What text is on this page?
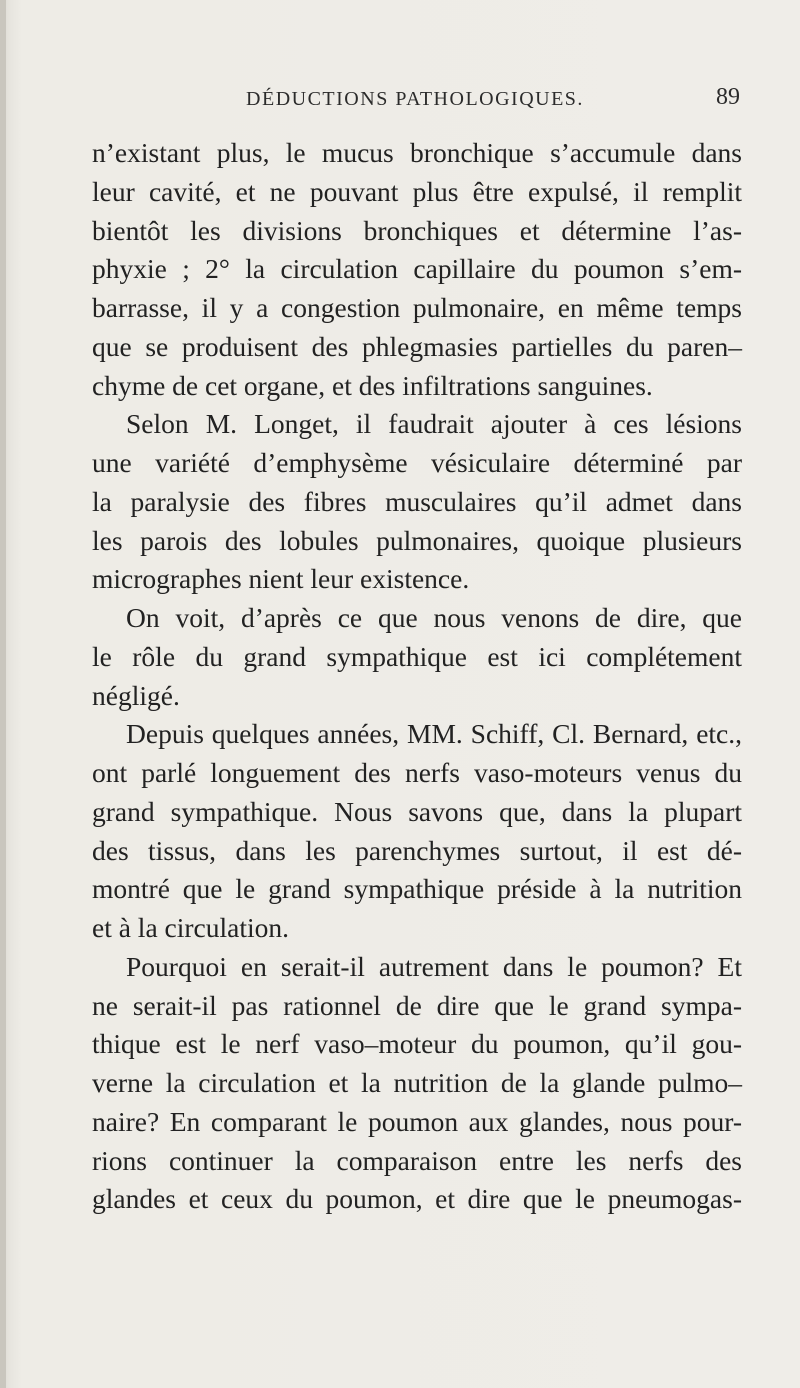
DÉDUCTIONS PATHOLOGIQUES.	89
n’existant plus, le mucus bronchique s’accumule dans
leur cavité, et ne pouvant plus être expulsé, il remplit
bientôt les divisions bronchiques et détermine l’as-
phyxie ; 2° la circulation capillaire du poumon s’em-
barrasse, il y a congestion pulmonaire, en même temps
que se produisent des phlegmasies partielles du paren–
chyme de cet organe, et des infiltrations sanguines.
Selon M. Longet, il faudrait ajouter à ces lésions
une variété d’emphysème vésiculaire déterminé par
la paralysie des fibres musculaires qu’il admet dans
les parois des lobules pulmonaires, quoique plusieurs
micrographes nient leur existence.
On voit, d’après ce que nous venons de dire, que
le rôle du grand sympathique est ici complétement
négligé.
Depuis quelques années, MM. Schiff, Cl. Bernard, etc.,
ont parlé longuement des nerfs vaso-moteurs venus du
grand sympathique. Nous savons que, dans la plupart
des tissus, dans les parenchymes surtout, il est dé-
montré que le grand sympathique préside à la nutrition
et à la circulation.
Pourquoi en serait-il autrement dans le poumon? Et
ne serait-il pas rationnel de dire que le grand sympa-
thique est le nerf vaso–moteur du poumon, qu’il gou-
verne la circulation et la nutrition de la glande pulmo–
naire? En comparant le poumon aux glandes, nous pour-
rions continuer la comparaison entre les nerfs des
glandes et ceux du poumon, et dire que le pneumogas-
